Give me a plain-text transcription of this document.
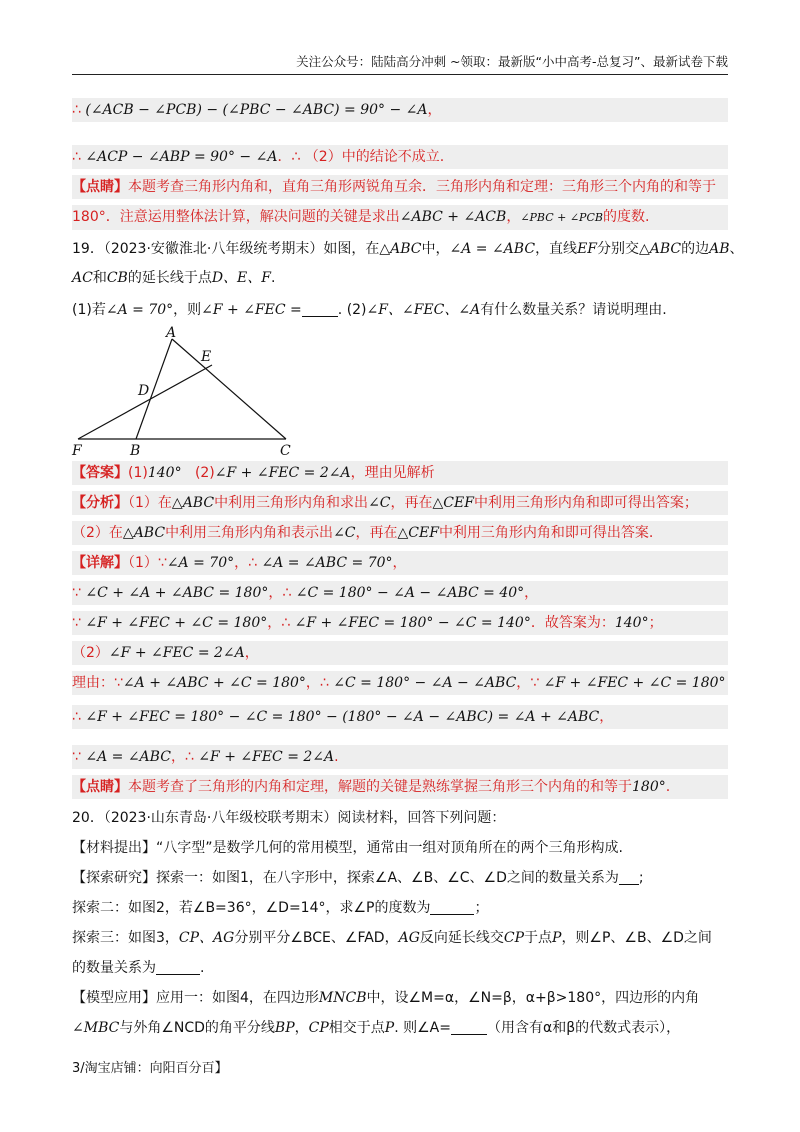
关注公众号：陆陆高分冲刺 ~领取：最新版“小中高考-总复习”、最新试卷下载
∴ (∠ACB − ∠PCB) − (∠PBC − ∠ABC) = 90° − ∠A，
∴ ∠ACP − ∠ABP = 90° − ∠A．∴ （2）中的结论不成立.
【点睛】本题考查三角形内角和，直角三角形两锐角互余．三角形内角和定理：三角形三个内角的和等于
180°．注意运用整体法计算，解决问题的关键是求出∠ABC + ∠ACB，∠PBC + ∠PCB的度数.
19．（2023·安徽淮北·八年级统考期末）如图，在△ABC中，∠A = ∠ABC，直线EF分别交△ABC的边AB、
AC和CB的延长线于点D、E、F.
(1)若∠A = 70°，则∠F + ∠FEC =	. (2)∠F、∠FEC、∠A有什么数量关系？请说明理由.
A
E
D
F	B	C
【答案】(1)140° (2)∠F + ∠FEC = 2∠A，理由见解析
【分析】（1）在△ABC中利用三角形内角和求出∠C，再在△CEF中利用三角形内角和即可得出答案；
（2）在△ABC中利用三角形内角和表示出∠C，再在△CEF中利用三角形内角和即可得出答案.
【详解】（1）∵∠A = 70°，∴ ∠A = ∠ABC = 70°，
∵ ∠C + ∠A + ∠ABC = 180°，∴ ∠C = 180° − ∠A − ∠ABC = 40°，
∵ ∠F + ∠FEC + ∠C = 180°，∴ ∠F + ∠FEC = 180° − ∠C = 140°．故答案为：140°；
（2）∠F + ∠FEC = 2∠A，
理由：∵∠A + ∠ABC + ∠C = 180°，∴ ∠C = 180° − ∠A − ∠ABC，∵ ∠F + ∠FEC + ∠C = 180°
∴ ∠F + ∠FEC = 180° − ∠C = 180° − (180° − ∠A − ∠ABC) = ∠A + ∠ABC，
∵ ∠A = ∠ABC，∴ ∠F + ∠FEC = 2∠A.
【点睛】本题考查了三角形的内角和定理，解题的关键是熟练掌握三角形三个内角的和等于180°.
20．（2023·山东青岛·八年级校联考期末）阅读材料，回答下列问题：
【材料提出】“八字型”是数学几何的常用模型，通常由一组对顶角所在的两个三角形构成.
【探索研究】探索一：如图1，在八字形中，探索∠A、∠B、∠C、∠D之间的数量关系为 ;
探索二：如图2，若∠B=36°，∠D=14°，求∠P的度数为	；
探索三：如图3，CP、AG分别平分∠BCE、∠FAD，AG反向延长线交CP于点P，则∠P、∠B、∠D之间
的数量关系为	.
【模型应用】应用一：如图4，在四边形MNCB中，设∠M=α，∠N=β，α+β>180°，四边形的内角
∠MBC与外角∠NCD的角平分线BP，CP相交于点P. 则∠A=	（用含有α和β的代数式表示），
3/淘宝店铺：向阳百分百】
